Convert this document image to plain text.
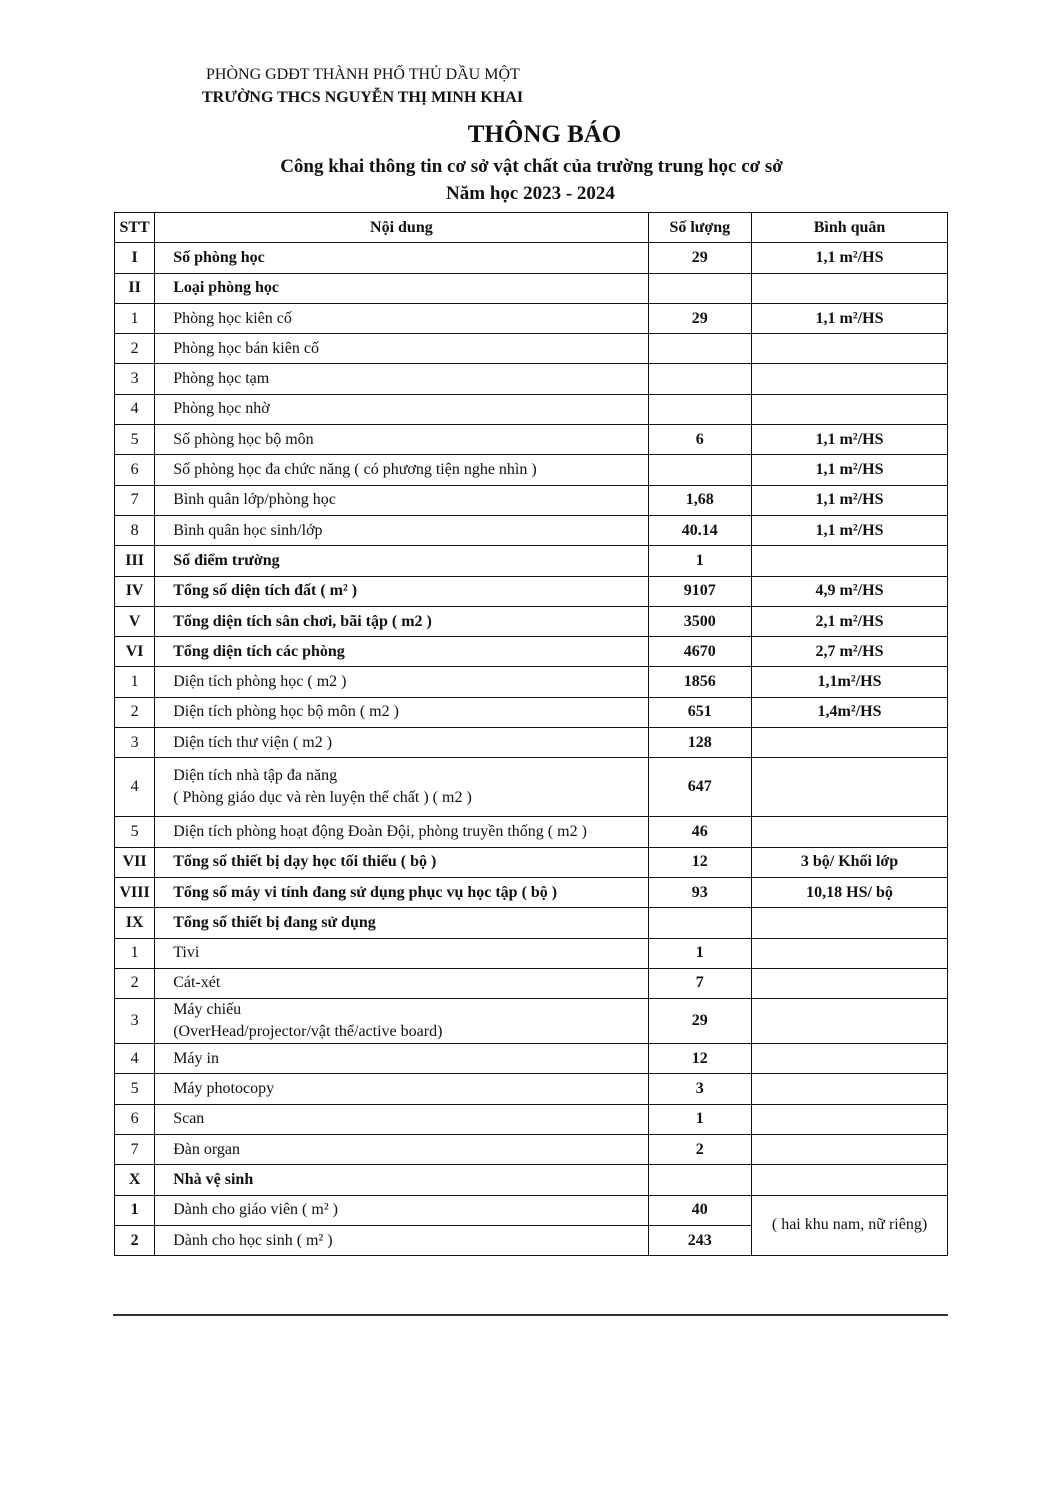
PHÒNG GDĐT THÀNH PHỐ THỦ DẦU MỘT
TRƯỜNG THCS NGUYỄN THỊ MINH KHAI
THÔNG BÁO
Công khai thông tin cơ sở vật chất của trường trung học cơ sở
Năm học 2023 - 2024
STT	Nội dung	Số lượng	Bình quân
I	Số phòng học	29	1,1 m²/HS
II	Loại phòng học		
1	Phòng học kiên cố	29	1,1 m²/HS
2	Phòng học bán kiên cố		
3	Phòng học tạm		
4	Phòng học nhờ		
5	Số phòng học bộ môn	6	1,1 m²/HS
6	Số phòng học đa chức năng ( có phương tiện nghe nhìn )		1,1 m²/HS
7	Bình quân lớp/phòng học	1,68	1,1 m²/HS
8	Bình quân học sinh/lớp	40.14	1,1 m²/HS
III	Số điểm trường	1	
IV	Tổng số diện tích đất ( m² )	9107	4,9 m²/HS
V	Tổng diện tích sân chơi, bãi tập ( m2 )	3500	2,1 m²/HS
VI	Tổng diện tích các phòng	4670	2,7 m²/HS
1	Diện tích phòng học ( m2 )	1856	1,1m²/HS
2	Diện tích phòng học bộ môn ( m2 )	651	1,4m²/HS
3	Diện tích thư viện ( m2 )	128	
4	Diện tích nhà tập đa năng
( Phòng giáo dục và rèn luyện thể chất ) ( m2 )	647	
5	Diện tích phòng hoạt động Đoàn Đội, phòng truyền thống ( m2 )	46	
VII	Tổng số thiết bị dạy học tối thiểu ( bộ )	12	3 bộ/ Khối lớp
VIII	Tổng số máy vi tính đang sử dụng phục vụ học tập ( bộ )	93	10,18 HS/ bộ
IX	Tổng số thiết bị đang sử dụng		
1	Tivi	1	
2	Cát-xét	7	
3	Máy chiếu
(OverHead/projector/vật thể/active board)	29	
4	Máy in	12	
5	Máy photocopy	3	
6	Scan	1	
7	Đàn organ	2	
X	Nhà vệ sinh		
1	Dành cho giáo viên ( m² )	40	( hai khu nam, nữ riêng)
2	Dành cho học sinh ( m² )	243	
